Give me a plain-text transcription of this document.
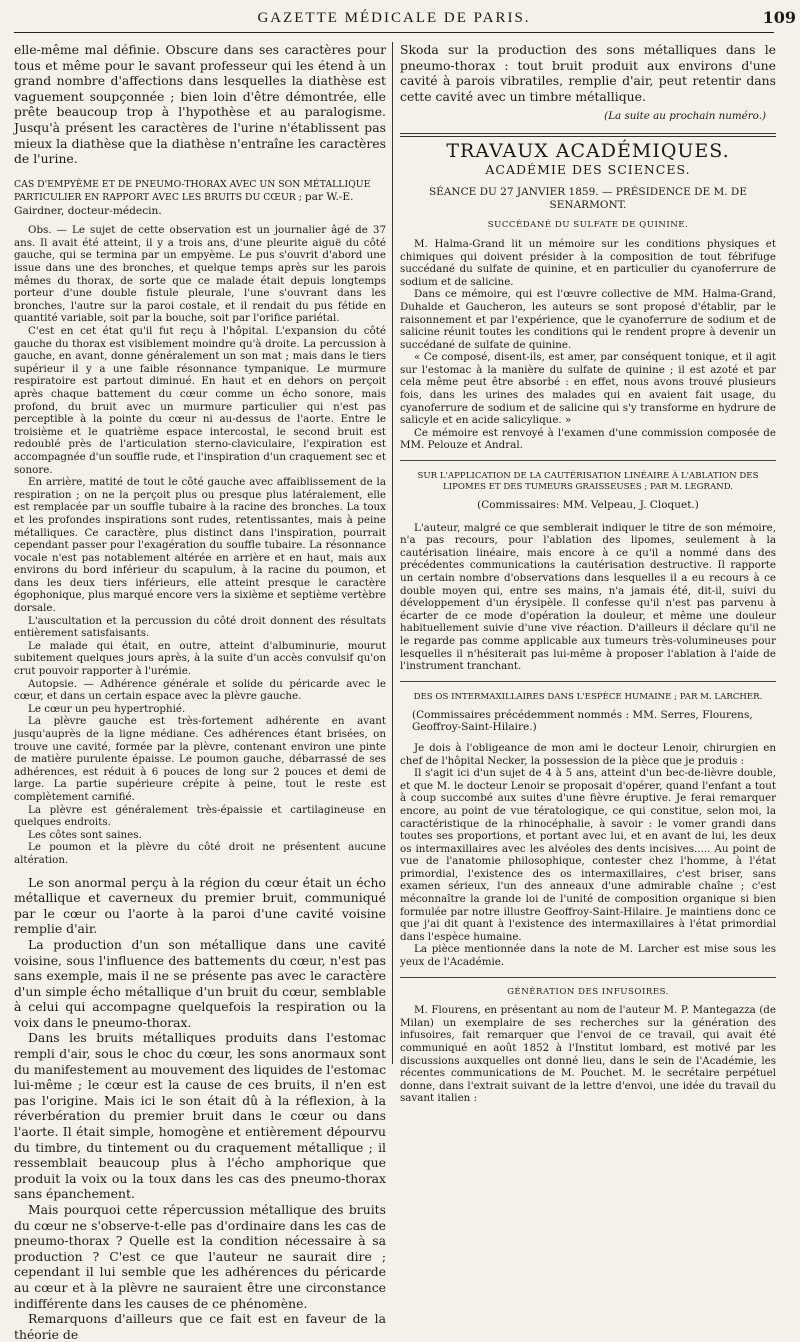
GAZETTE MÉDICALE DE PARIS.	109

elle-même mal définie. Obscure dans ses caractères pour tous et même pour le savant professeur qui les étend à un grand nombre d'affections dans lesquelles la diathèse est vaguement soupçonnée ; bien loin d'être démontrée, elle prête beaucoup trop à l'hypothèse et au paralogisme. Jusqu'à présent les caractères de l'urine n'établissent pas mieux la diathèse que la diathèse n'entraîne les caractères de l'urine.

CAS D'EMPYÈME ET DE PNEUMO-THORAX AVEC UN SON MÉTALLIQUE PARTICULIER EN RAPPORT AVEC LES BRUITS DU CŒUR ; par W.-E. Gairdner, docteur-médecin.

Obs. — Le sujet de cette observation est un journalier âgé de 37 ans. Il avait été atteint, il y a trois ans, d'une pleurite aiguë du côté gauche, qui se termina par un empyème. Le pus s'ouvrit d'abord une issue dans une des bronches, et quelque temps après sur les parois mêmes du thorax, de sorte que ce malade était depuis longtemps porteur d'une double fistule pleurale, l'une s'ouvrant dans les bronches, l'autre sur la paroi costale, et il rendait du pus fétide en quantité variable, soit par la bouche, soit par l'orifice pariétal.

C'est en cet état qu'il fut reçu à l'hôpital. L'expansion du côté gauche du thorax est visiblement moindre qu'à droite. La percussion à gauche, en avant, donne généralement un son mat ; mais dans le tiers supérieur il y a une faible résonnance tympanique. Le murmure respiratoire est partout diminué. En haut et en dehors on perçoit après chaque battement du cœur comme un écho sonore, mais profond, du bruit avec un murmure particulier qui n'est pas perceptible à la pointe du cœur ni au-dessus de l'aorte. Entre le troisième et le quatrième espace intercostal, le second bruit est redoublé près de l'articulation sterno-claviculaire, l'expiration est accompagnée d'un souffle rude, et l'inspiration d'un craquement sec et sonore.

En arrière, matité de tout le côté gauche avec affaiblissement de la respiration ; on ne la perçoit plus ou presque plus latéralement, elle est remplacée par un souffle tubaire à la racine des bronches. La toux et les profondes inspirations sont rudes, retentissantes, mais à peine métalliques. Ce caractère, plus distinct dans l'inspiration, pourrait cependant passer pour l'exagération du souffle tubaire. La résonnance vocale n'est pas notablement altérée en arrière et en haut, mais aux environs du bord inférieur du scapulum, à la racine du poumon, et dans les deux tiers inférieurs, elle atteint presque le caractère égophonique, plus marqué encore vers la sixième et septième vertèbre dorsale.

L'auscultation et la percussion du côté droit donnent des résultats entièrement satisfaisants.

Le malade qui était, en outre, atteint d'albuminurie, mourut subitement quelques jours après, à la suite d'un accès convulsif qu'on crut pouvoir rapporter à l'urémie.

Autopsie. — Adhérence générale et solide du péricarde avec le cœur, et dans un certain espace avec la plèvre gauche.

Le cœur un peu hypertrophié.

La plèvre gauche est très-fortement adhérente en avant jusqu'auprès de la ligne médiane. Ces adhérences étant brisées, on trouve une cavité, formée par la plèvre, contenant environ une pinte de matière purulente épaisse. Le poumon gauche, débarrassé de ses adhérences, est réduit à 6 pouces de long sur 2 pouces et demi de large. La partie supérieure crépite à peine, tout le reste est complètement carnifié.

La plèvre est généralement très-épaissie et cartilagineuse en quelques endroits.

Les côtes sont saines.

Le poumon et la plèvre du côté droit ne présentent aucune altération.

Le son anormal perçu à la région du cœur était un écho métallique et caverneux du premier bruit, communiqué par le cœur ou l'aorte à la paroi d'une cavité voisine remplie d'air.

La production d'un son métallique dans une cavité voisine, sous l'influence des battements du cœur, n'est pas sans exemple, mais il ne se présente pas avec le caractère d'un simple écho métallique d'un bruit du cœur, semblable à celui qui accompagne quelquefois la respiration ou la voix dans le pneumo-thorax.

Dans les bruits métalliques produits dans l'estomac rempli d'air, sous le choc du cœur, les sons anormaux sont du manifestement au mouvement des liquides de l'estomac lui-même ; le cœur est la cause de ces bruits, il n'en est pas l'origine. Mais ici le son était dû à la réflexion, à la réverbération du premier bruit dans le cœur ou dans l'aorte. Il était simple, homogène et entièrement dépourvu du timbre, du tintement ou du craquement métallique ; il ressemblait beaucoup plus à l'écho amphorique que produit la voix ou la toux dans les cas des pneumo-thorax sans épanchement.

Mais pourquoi cette répercussion métallique des bruits du cœur ne s'observe-t-elle pas d'ordinaire dans les cas de pneumo-thorax ? Quelle est la condition nécessaire à sa production ? C'est ce que l'auteur ne saurait dire ; cependant il lui semble que les adhérences du péricarde au cœur et à la plèvre ne sauraient être une circonstance indifférente dans les causes de ce phénomène.

Remarquons d'ailleurs que ce fait est en faveur de la théorie de

Skoda sur la production des sons métalliques dans le pneumo-thorax : tout bruit produit aux environs d'une cavité à parois vibratiles, remplie d'air, peut retentir dans cette cavité avec un timbre métallique.

(La suite au prochain numéro.)

TRAVAUX ACADÉMIQUES.

ACADÉMIE DES SCIENCES.

SÉANCE DU 27 JANVIER 1859. — PRÉSIDENCE DE M. DE SENARMONT.

SUCCÉDANÉ DU SULFATE DE QUININE.

M. Halma-Grand lit un mémoire sur les conditions physiques et chimiques qui doivent présider à la composition de tout fébrifuge succédané du sulfate de quinine, et en particulier du cyanoferrure de sodium et de salicine.

Dans ce mémoire, qui est l'œuvre collective de MM. Halma-Grand, Duhalde et Gaucheron, les auteurs se sont proposé d'établir, par le raisonnement et par l'expérience, que le cyanoferrure de sodium et de salicine réunit toutes les conditions qui le rendent propre à devenir un succédané de sulfate de quinine.

« Ce composé, disent-ils, est amer, par conséquent tonique, et il agit sur l'estomac à la manière du sulfate de quinine ; il est azoté et par cela même peut être absorbé : en effet, nous avons trouvé plusieurs fois, dans les urines des malades qui en avaient fait usage, du cyanoferrure de sodium et de salicine qui s'y transforme en hydrure de salicyle et en acide salicylique. »

Ce mémoire est renvoyé à l'examen d'une commission composée de MM. Pelouze et Andral.

SUR L'APPLICATION DE LA CAUTÉRISATION LINÉAIRE À L'ABLATION DES LIPOMES ET DES TUMEURS GRAISSEUSES ; PAR M. LEGRAND.

(Commissaires: MM. Velpeau, J. Cloquet.)

L'auteur, malgré ce que semblerait indiquer le titre de son mémoire, n'a pas recours, pour l'ablation des lipomes, seulement à la cautérisation linéaire, mais encore à ce qu'il a nommé dans des précédentes communications la cautérisation destructive. Il rapporte un certain nombre d'observations dans lesquelles il a eu recours à ce double moyen qui, entre ses mains, n'a jamais été, dit-il, suivi du développement d'un érysipèle. Il confesse qu'il n'est pas parvenu à écarter de ce mode d'opération la douleur, et même une douleur habituellement suivie d'une vive réaction. D'ailleurs il déclare qu'il ne le regarde pas comme applicable aux tumeurs très-volumineuses pour lesquelles il n'hésiterait pas lui-même à proposer l'ablation à l'aide de l'instrument tranchant.

DES OS INTERMAXILLAIRES DANS L'ESPÈCE HUMAINE ; PAR M. LARCHER.

(Commissaires précédemment nommés : MM. Serres, Flourens, Geoffroy-Saint-Hilaire.)

Je dois à l'obligeance de mon ami le docteur Lenoir, chirurgien en chef de l'hôpital Necker, la possession de la pièce que je produis :

Il s'agit ici d'un sujet de 4 à 5 ans, atteint d'un bec-de-lièvre double, et que M. le docteur Lenoir se proposait d'opérer, quand l'enfant a tout à coup succombé aux suites d'une fièvre éruptive. Je ferai remarquer encore, au point de vue tératologique, ce qui constitue, selon moi, la caractéristique de la rhinocéphalie, à savoir : le vomer grandi dans toutes ses proportions, et portant avec lui, et en avant de lui, les deux os intermaxillaires avec les alvéoles des dents incisives..... Au point de vue de l'anatomie philosophique, contester chez l'homme, à l'état primordial, l'existence des os intermaxillaires, c'est briser, sans examen sérieux, l'un des anneaux d'une admirable chaîne ; c'est méconnaître la grande loi de l'unité de composition organique si bien formulée par notre illustre Geoffroy-Saint-Hilaire. Je maintiens donc ce que j'ai dit quant à l'existence des intermaxillaires à l'état primordial dans l'espèce humaine.

La pièce mentionnée dans la note de M. Larcher est mise sous les yeux de l'Académie.

GÉNÉRATION DES INFUSOIRES.

M. Flourens, en présentant au nom de l'auteur M. P. Mantegazza (de Milan) un exemplaire de ses recherches sur la génération des infusoires, fait remarquer que l'envoi de ce travail, qui avait été communiqué en août 1852 à l'Institut lombard, est motivé par les discussions auxquelles ont donné lieu, dans le sein de l'Académie, les récentes communications de M. Pouchet. M. le secrétaire perpétuel donne, dans l'extrait suivant de la lettre d'envoi, une idée du travail du savant italien :
